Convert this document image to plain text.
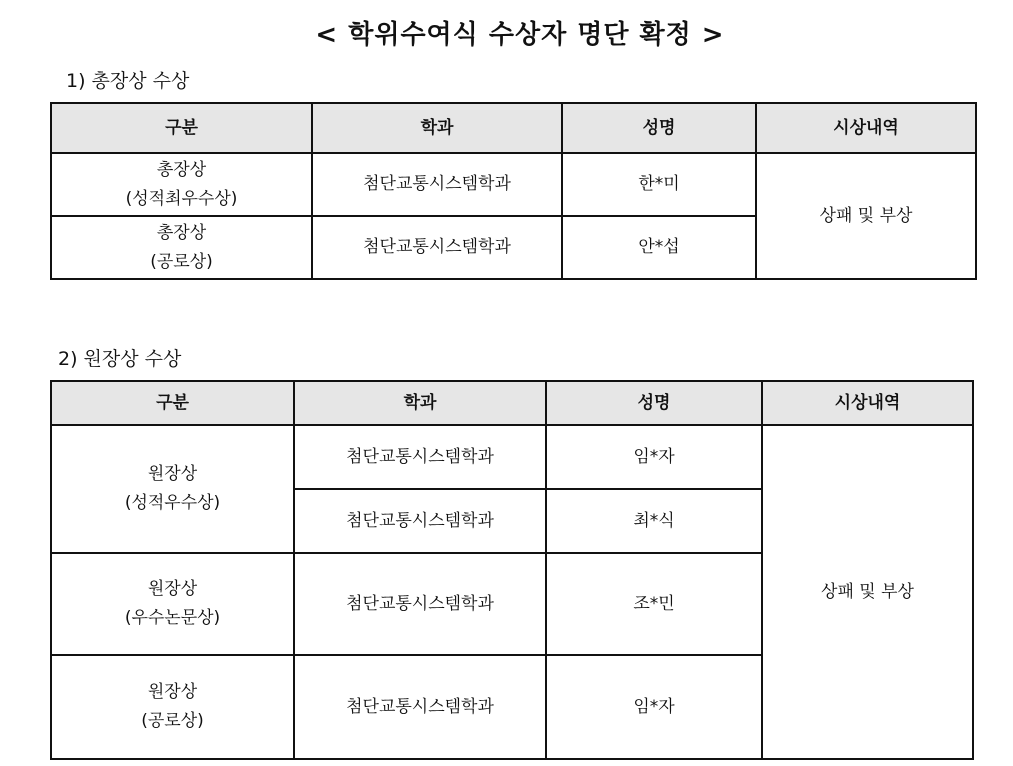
< 학위수여식 수상자 명단 확정 >
1) 총장상 수상
구분	학과	성명	시상내역

총장상
(성적최우수상)	첨단교통시스템학과	한*미	상패 및 부상

총장상
(공로상)	첨단교통시스템학과	안*섭	
2) 원장상 수상
구분	학과	성명	시상내역

원장상
(성적우수상)	첨단교통시스템학과	임*자	상패 및 부상
	첨단교통시스템학과	최*식	

원장상
(우수논문상)	첨단교통시스템학과	조*민	

원장상
(공로상)	첨단교통시스템학과	임*자	
